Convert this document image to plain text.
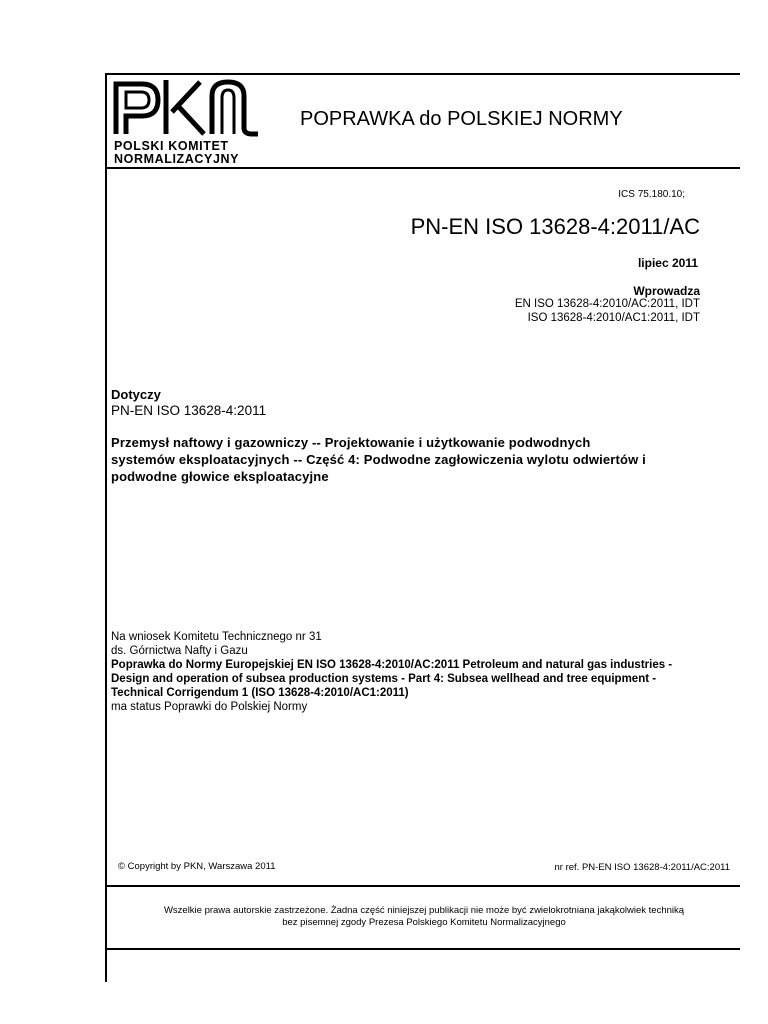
POLSKI KOMITET
NORMALIZACYJNY
POPRAWKA do POLSKIEJ NORMY
ICS 75.180.10;
PN-EN ISO 13628-4:2011/AC
lipiec 2011
Wprowadza
EN ISO 13628-4:2010/AC:2011, IDT
ISO 13628-4:2010/AC1:2011, IDT
Dotyczy
PN-EN ISO 13628-4:2011
Przemysł naftowy i gazowniczy -- Projektowanie i użytkowanie podwodnych
systemów eksploatacyjnych -- Część 4: Podwodne zagłowiczenia wylotu odwiertów i
podwodne głowice eksploatacyjne
Na wniosek Komitetu Technicznego nr 31
ds. Górnictwa Nafty i Gazu
Poprawka do Normy Europejskiej EN ISO 13628-4:2010/AC:2011 Petroleum and natural gas industries -
Design and operation of subsea production systems - Part 4: Subsea wellhead and tree equipment -
Technical Corrigendum 1 (ISO 13628-4:2010/AC1:2011)
ma status Poprawki do Polskiej Normy
© Copyright by PKN, Warszawa 2011	nr ref. PN-EN ISO 13628-4:2011/AC:2011
Wszelkie prawa autorskie zastrzeżone. Żadna część niniejszej publikacji nie może być zwielokrotniana jakąkolwiek techniką
bez pisemnej zgody Prezesa Polskiego Komitetu Normalizacyjnego
